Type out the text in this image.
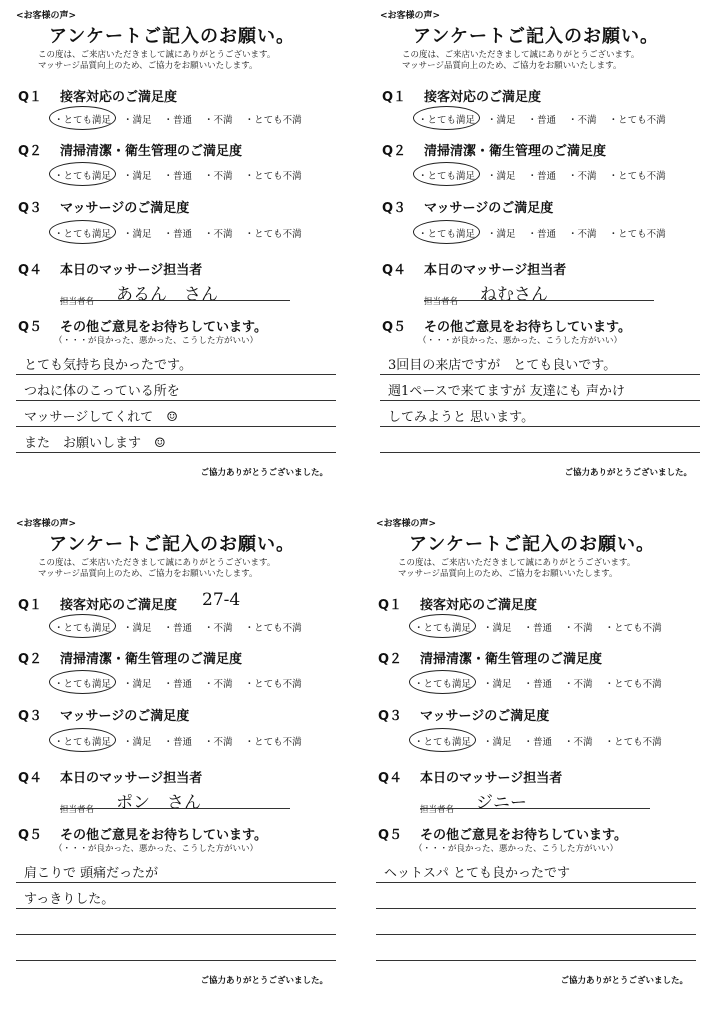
<お客様の声>
アンケートご記入のお願い。
この度は、ご来店いただきまして誠にありがとうございます。
マッサージ品質向上のため、ご協力をお願いいたします。
Q１ 接客対応のご満足度
・とても満足 ・満足 ・普通 ・不満 ・とても不満
Q２ 清掃清潔・衛生管理のご満足度
・とても満足 ・満足 ・普通 ・不満 ・とても不満
Q３ マッサージのご満足度
・とても満足 ・満足 ・普通 ・不満 ・とても不満
Q４ 本日のマッサージ担当者
担当者名 あるん　さん
Q５ その他ご意見をお待ちしています。
（・・・が良かった、悪かった、こうした方がいい）
とても気持ち良かったです。
つねに体のこっている所を
マッサージしてくれて　☺
また　お願いします　☺
ご協力ありがとうございました。
<お客様の声>
アンケートご記入のお願い。
この度は、ご来店いただきまして誠にありがとうございます。
マッサージ品質向上のため、ご協力をお願いいたします。
Q１ 接客対応のご満足度
・とても満足 ・満足 ・普通 ・不満 ・とても不満
Q２ 清掃清潔・衛生管理のご満足度
・とても満足 ・満足 ・普通 ・不満 ・とても不満
Q３ マッサージのご満足度
・とても満足 ・満足 ・普通 ・不満 ・とても不満
Q４ 本日のマッサージ担当者
担当者名 ねむさん
Q５ その他ご意見をお待ちしています。
（・・・が良かった、悪かった、こうした方がいい）
3回目の来店ですが　とても良いです。
週1ペースで来てますが 友達にも 声かけ
してみようと 思います。
ご協力ありがとうございました。
<お客様の声>
アンケートご記入のお願い。
この度は、ご来店いただきまして誠にありがとうございます。
マッサージ品質向上のため、ご協力をお願いいたします。
Q１ 接客対応のご満足度
・とても満足 ・満足 ・普通 ・不満 ・とても不満
Q２ 清掃清潔・衛生管理のご満足度
・とても満足 ・満足 ・普通 ・不満 ・とても不満
Q３ マッサージのご満足度
・とても満足 ・満足 ・普通 ・不満 ・とても不満
Q４ 本日のマッサージ担当者
担当者名 ポン　さん
Q５ その他ご意見をお待ちしています。
（・・・が良かった、悪かった、こうした方がいい）
肩こりで 頭痛だったが
すっきりした。
ご協力ありがとうございました。
27-4
<お客様の声>
アンケートご記入のお願い。
この度は、ご来店いただきまして誠にありがとうございます。
マッサージ品質向上のため、ご協力をお願いいたします。
Q１ 接客対応のご満足度
・とても満足 ・満足 ・普通 ・不満 ・とても不満
Q２ 清掃清潔・衛生管理のご満足度
・とても満足 ・満足 ・普通 ・不満 ・とても不満
Q３ マッサージのご満足度
・とても満足 ・満足 ・普通 ・不満 ・とても不満
Q４ 本日のマッサージ担当者
担当者名 ジニー
Q５ その他ご意見をお待ちしています。
（・・・が良かった、悪かった、こうした方がいい）
ヘットスパ とても良かったです
ご協力ありがとうございました。
